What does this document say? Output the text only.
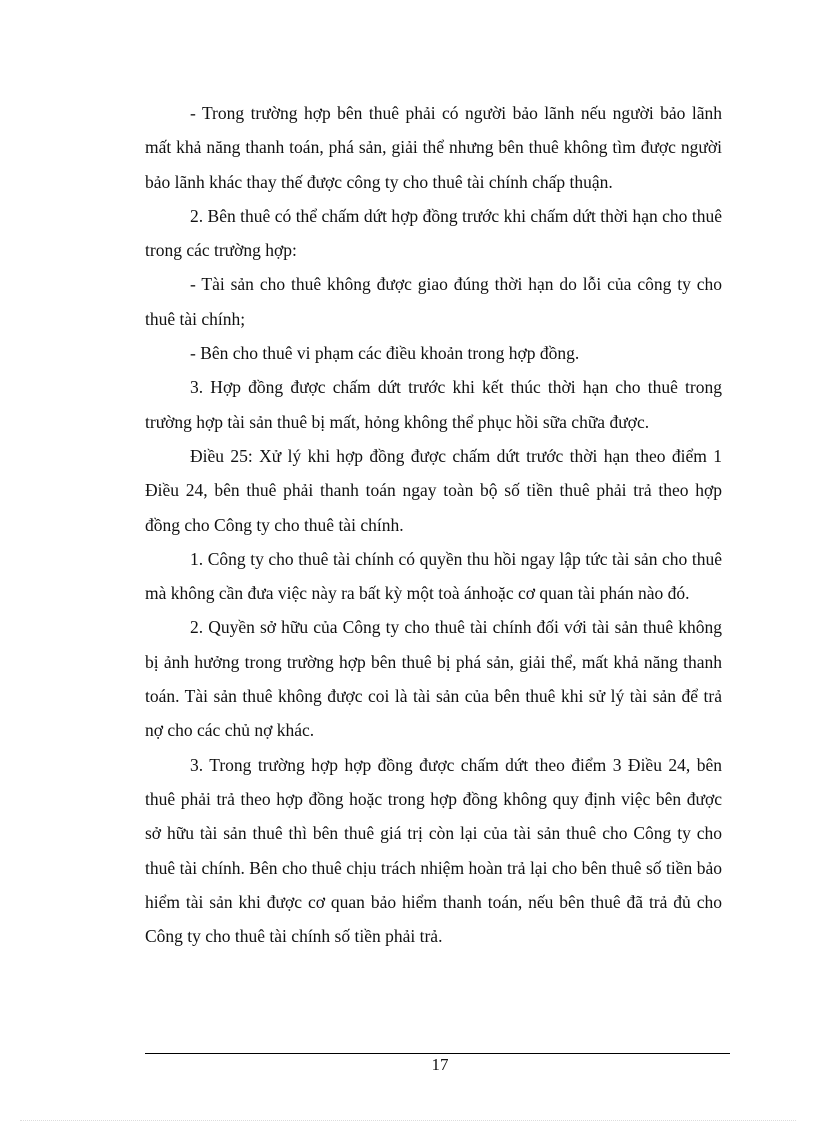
- Trong trường hợp bên thuê phải có người bảo lãnh nếu người bảo lãnh mất khả năng thanh toán, phá sản, giải thể nhưng bên thuê không tìm được người bảo lãnh khác thay thế được công ty cho thuê tài chính chấp thuận.

2. Bên thuê có thể chấm dứt hợp đồng trước khi chấm dứt thời hạn cho thuê trong các trường hợp:

- Tài sản cho thuê không được giao đúng thời hạn do lỗi của công ty cho thuê tài chính;

- Bên cho thuê vi phạm các điều khoản trong hợp đồng.

3. Hợp đồng được chấm dứt trước khi kết thúc thời hạn cho thuê trong trường hợp tài sản thuê bị mất, hỏng không thể phục hồi sữa chữa được.

Điều 25: Xử lý khi hợp đồng được chấm dứt trước thời hạn theo điểm 1 Điều 24, bên thuê phải thanh toán ngay toàn bộ số tiền thuê phải trả theo hợp đồng cho Công ty cho thuê tài chính.

1. Công ty cho thuê tài chính có quyền thu hồi ngay lập tức tài sản cho thuê mà không cần đưa việc này ra bất kỳ một toà ánhoặc cơ quan tài phán nào đó.

2. Quyền sở hữu của Công ty cho thuê tài chính đối với tài sản thuê không bị ảnh hưởng trong trường hợp bên thuê bị phá sản, giải thể, mất khả năng thanh toán. Tài sản thuê không được coi là tài sản của bên thuê khi sử lý tài sản để trả nợ cho các chủ nợ khác.

3. Trong trường hợp hợp đồng được chấm dứt theo điểm 3 Điều 24, bên thuê phải trả theo hợp đồng hoặc trong hợp đồng không quy định việc bên được sở hữu tài sản thuê thì bên thuê giá trị còn lại của tài sản thuê cho Công ty cho thuê tài chính. Bên cho thuê chịu trách nhiệm hoàn trả lại cho bên thuê số tiền bảo hiểm tài sản khi được cơ quan bảo hiểm thanh toán, nếu bên thuê đã trả đủ cho Công ty cho thuê tài chính số tiền phải trả.

17
